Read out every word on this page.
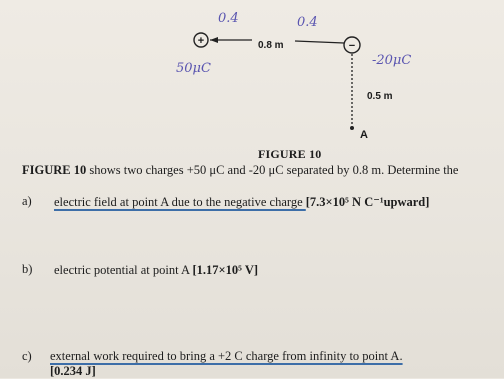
+	0.8 m	−
0.5 m
A
0.4	0.4
50μC
-20μC
FIGURE 10
FIGURE 10 shows two charges +50 μC and -20 μC separated by 0.8 m. Determine the
a) electric field at point A due to the negative charge [7.3×10⁵ N C⁻¹upward]
b) electric potential at point A [1.17×10⁵ V]
c) external work required to bring a +2 C charge from infinity to point A.
[0.234 J]
